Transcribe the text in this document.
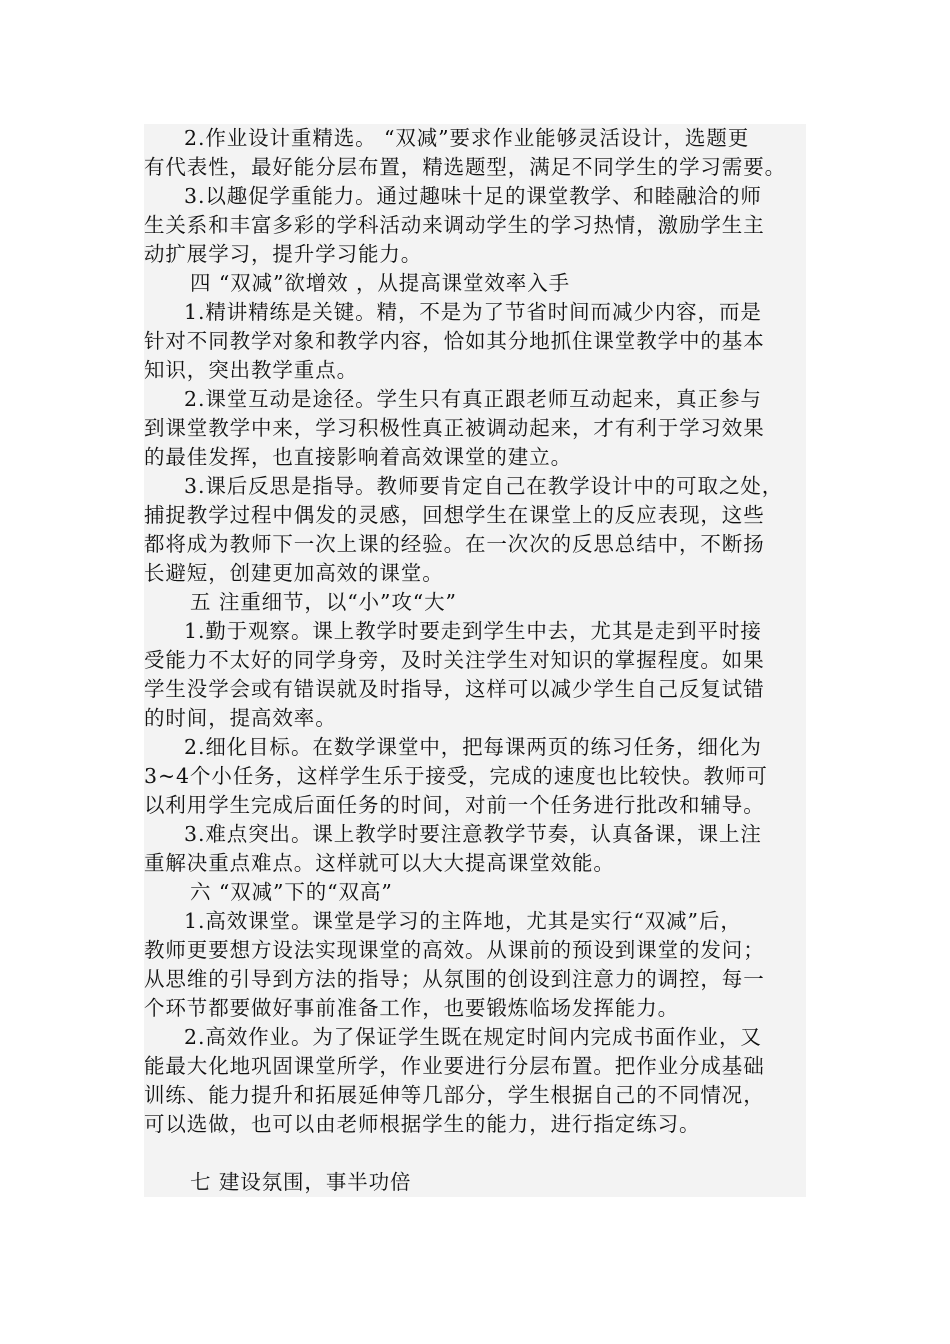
2.作业设计重精选。 “双减”要求作业能够灵活设计，选题更
有代表性，最好能分层布置，精选题型，满足不同学生的学习需要。
3.以趣促学重能力。通过趣味十足的课堂教学、和睦融洽的师
生关系和丰富多彩的学科活动来调动学生的学习热情，激励学生主
动扩展学习，提升学习能力。
四 “双减”欲增效 ，从提高课堂效率入手
1.精讲精练是关键。精，不是为了节省时间而减少内容，而是
针对不同教学对象和教学内容，恰如其分地抓住课堂教学中的基本
知识，突出教学重点。
2.课堂互动是途径。学生只有真正跟老师互动起来，真正参与
到课堂教学中来，学习积极性真正被调动起来，才有利于学习效果
的最佳发挥，也直接影响着高效课堂的建立。
3.课后反思是指导。教师要肯定自己在教学设计中的可取之处，
捕捉教学过程中偶发的灵感，回想学生在课堂上的反应表现，这些
都将成为教师下一次上课的经验。在一次次的反思总结中，不断扬
长避短，创建更加高效的课堂。
五 注重细节，以“小”攻“大”
1.勤于观察。课上教学时要走到学生中去，尤其是走到平时接
受能力不太好的同学身旁，及时关注学生对知识的掌握程度。如果
学生没学会或有错误就及时指导，这样可以减少学生自己反复试错
的时间，提高效率。
2.细化目标。在数学课堂中，把每课两页的练习任务，细化为
3~4个小任务，这样学生乐于接受，完成的速度也比较快。教师可
以利用学生完成后面任务的时间，对前一个任务进行批改和辅导。
3.难点突出。课上教学时要注意教学节奏，认真备课，课上注
重解决重点难点。这样就可以大大提高课堂效能。
六 “双减”下的“双高”
1.高效课堂。课堂是学习的主阵地，尤其是实行“双减”后，
教师更要想方设法实现课堂的高效。从课前的预设到课堂的发问；
从思维的引导到方法的指导；从氛围的创设到注意力的调控，每一
个环节都要做好事前准备工作，也要锻炼临场发挥能力。
2.高效作业。为了保证学生既在规定时间内完成书面作业，又
能最大化地巩固课堂所学，作业要进行分层布置。把作业分成基础
训练、能力提升和拓展延伸等几部分，学生根据自己的不同情况，
可以选做，也可以由老师根据学生的能力，进行指定练习。
七 建设氛围，事半功倍
